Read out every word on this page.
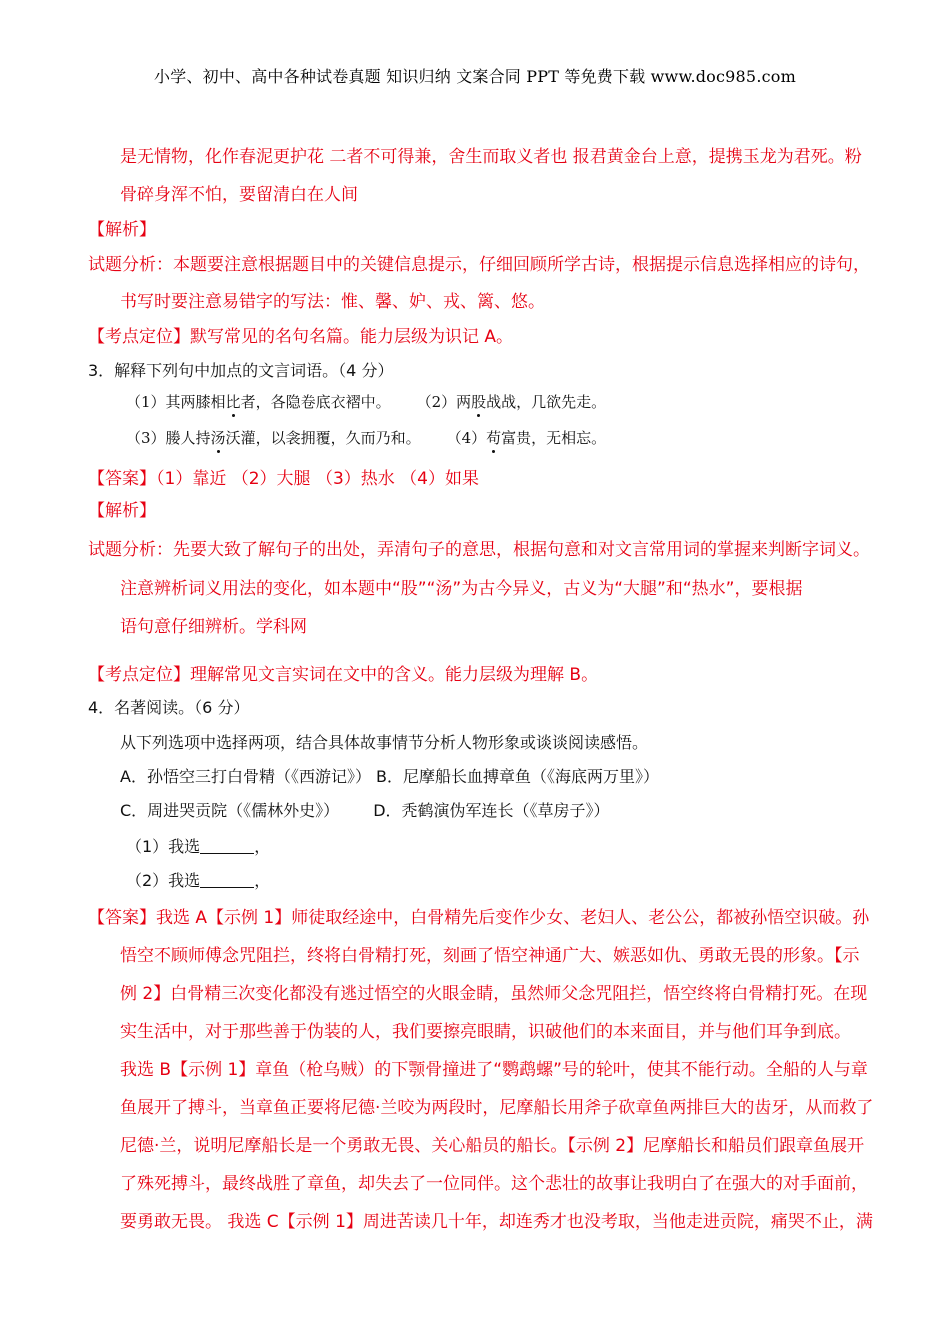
小学、初中、高中各种试卷真题 知识归纳 文案合同 PPT 等免费下载 www.doc985.com
是无情物，化作春泥更护花 二者不可得兼，舍生而取义者也 报君黄金台上意，提携玉龙为君死。粉
骨碎身浑不怕，要留清白在人间
【解析】
试题分析：本题要注意根据题目中的关键信息提示，仔细回顾所学古诗，根据提示信息选择相应的诗句，
书写时要注意易错字的写法：惟、馨、妒、戎、篱、悠。
【考点定位】默写常见的名句名篇。能力层级为识记 A。
3．解释下列句中加点的文言词语。（4 分）
（1）其两膝相比者，各隐卷底衣褶中。 （2）两股战战，几欲先走。
（3）媵人持汤沃灌，以衾拥覆，久而乃和。 （4）苟富贵，无相忘。
【答案】（1）靠近 （2）大腿 （3）热水 （4）如果
【解析】
试题分析：先要大致了解句子的出处，弄清句子的意思，根据句意和对文言常用词的掌握来判断字词义。
注意辨析词义用法的变化，如本题中“股”“汤”为古今异义，古义为“大腿”和“热水”，要根据
语句意仔细辨析。学科网
【考点定位】理解常见文言实词在文中的含义。能力层级为理解 B。
4．名著阅读。（6 分）
从下列选项中选择两项，结合具体故事情节分析人物形象或谈谈阅读感悟。
A．孙悟空三打白骨精（《西游记》） B．尼摩船长血搏章鱼（《海底两万里》）
C．周进哭贡院（《儒林外史》） D．秃鹤演伪军连长（《草房子》）
（1）我选	，
（2）我选	，
【答案】我选 A【示例 1】师徒取经途中，白骨精先后变作少女、老妇人、老公公，都被孙悟空识破。孙
悟空不顾师傅念咒阻拦，终将白骨精打死，刻画了悟空神通广大、嫉恶如仇、勇敢无畏的形象。【示
例 2】白骨精三次变化都没有逃过悟空的火眼金睛，虽然师父念咒阻拦，悟空终将白骨精打死。在现
实生活中，对于那些善于伪装的人，我们要擦亮眼睛，识破他们的本来面目，并与他们耳争到底。
我选 B【示例 1】章鱼（枪乌贼）的下颚骨撞进了“鹦鹉螺”号的轮叶，使其不能行动。全船的人与章
鱼展开了搏斗，当章鱼正要将尼德·兰咬为两段时，尼摩船长用斧子砍章鱼两排巨大的齿牙，从而救了
尼德·兰，说明尼摩船长是一个勇敢无畏、关心船员的船长。【示例 2】尼摩船长和船员们跟章鱼展开
了殊死搏斗，最终战胜了章鱼，却失去了一位同伴。这个悲壮的故事让我明白了在强大的对手面前，
要勇敢无畏。 我选 C【示例 1】周进苦读几十年，却连秀才也没考取，当他走进贡院，痛哭不止，满
